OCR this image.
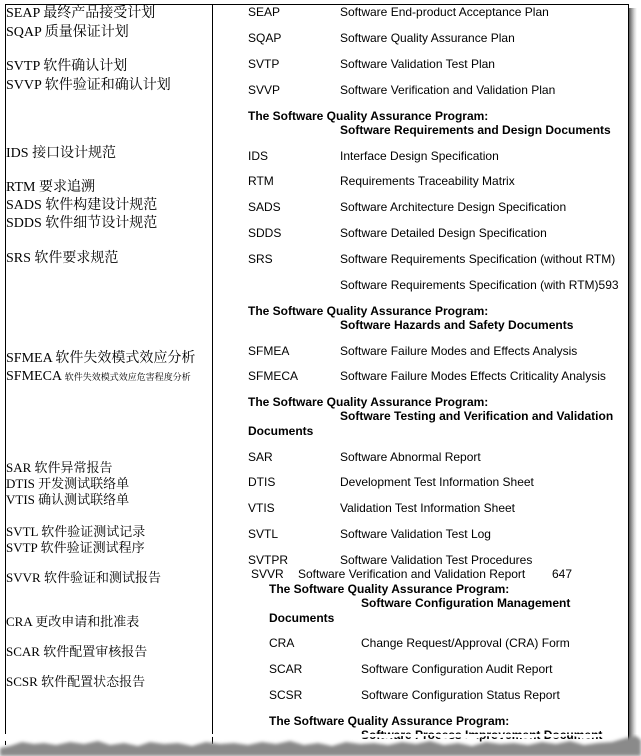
SEAP 最终产品接受计划
SQAP 质量保证计划
SVTP 软件确认计划
SVVP 软件验证和确认计划
IDS 接口设计规范
RTM 要求追溯
SADS 软件构建设计规范
SDDS 软件细节设计规范
SRS 软件要求规范
SFMEA 软件失效模式效应分析
SFMECA 软件失效模式效应危害程度分析
SAR 软件异常报告
DTIS 开发测试联络单
VTIS 确认测试联络单
SVTL 软件验证测试记录
SVTP 软件验证测试程序
SVVR 软件验证和测试报告
CRA 更改申请和批准表
SCAR 软件配置审核报告
SCSR 软件配置状态报告
SEAP	Software End-product Acceptance Plan
SQAP	Software Quality Assurance Plan
SVTP	Software Validation Test Plan
SVVP	Software Verification and Validation Plan
The Software Quality Assurance Program:
Software Requirements and Design Documents
IDS	Interface Design Specification
RTM	Requirements Traceability Matrix
SADS	Software Architecture Design Specification
SDDS	Software Detailed Design Specification
SRS	Software Requirements Specification (without RTM)
Software Requirements Specification (with RTM)593
The Software Quality Assurance Program:
Software Hazards and Safety Documents
SFMEA	Software Failure Modes and Effects Analysis
SFMECA	Software Failure Modes Effects Criticality Analysis
The Software Quality Assurance Program:
Software Testing and Verification and Validation
Documents
SAR	Software Abnormal Report
DTIS	Development Test Information Sheet
VTIS	Validation Test Information Sheet
SVTL	Software Validation Test Log
SVTPR	Software Validation Test Procedures
SVVR Software Verification and Validation Report 647
The Software Quality Assurance Program:
Software Configuration Management
Documents
CRA	Change Request/Approval (CRA) Form
SCAR	Software Configuration Audit Report
SCSR	Software Configuration Status Report
The Software Quality Assurance Program:
